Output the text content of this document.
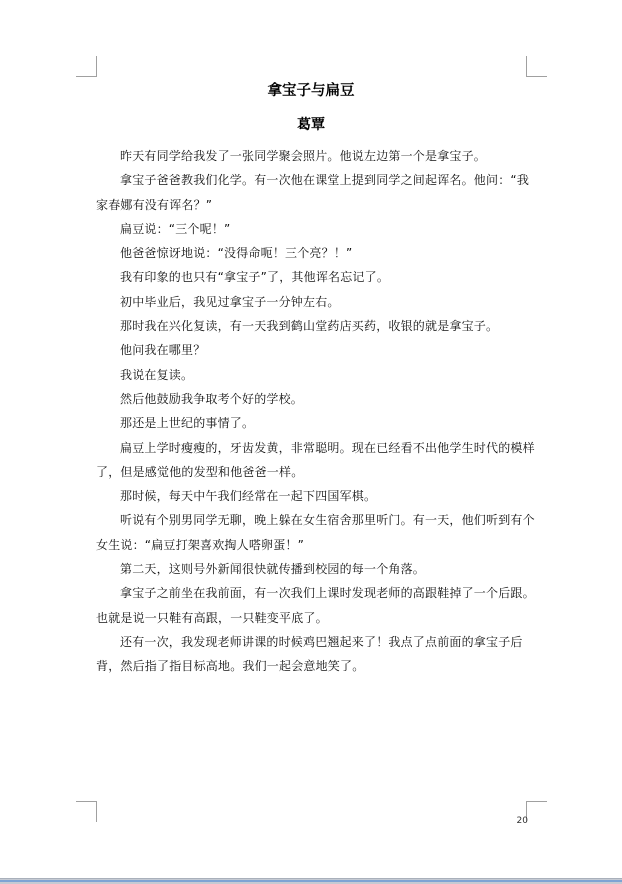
拿宝子与扁豆
葛覃

昨天有同学给我发了一张同学聚会照片。他说左边第一个是拿宝子。

拿宝子爸爸教我们化学。有一次他在课堂上提到同学之间起诨名。他问：“我家春娜有没有诨名？”

扁豆说：“三个呢！”

他爸爸惊讶地说：“没得命呃！三个亮？！”

我有印象的也只有“拿宝子”了，其他诨名忘记了。

初中毕业后，我见过拿宝子一分钟左右。

那时我在兴化复读，有一天我到鹤山堂药店买药，收银的就是拿宝子。

他问我在哪里？

我说在复读。

然后他鼓励我争取考个好的学校。

那还是上世纪的事情了。

扁豆上学时瘦瘦的，牙齿发黄，非常聪明。现在已经看不出他学生时代的模样了，但是感觉他的发型和他爸爸一样。

那时候，每天中午我们经常在一起下四国军棋。

听说有个别男同学无聊，晚上躲在女生宿舍那里听门。有一天，他们听到有个女生说：“扁豆打架喜欢掏人嗒卵蛋！”

第二天，这则号外新闻很快就传播到校园的每一个角落。

拿宝子之前坐在我前面，有一次我们上课时发现老师的高跟鞋掉了一个后跟。也就是说一只鞋有高跟，一只鞋变平底了。

还有一次，我发现老师讲课的时候鸡巴翘起来了！我点了点前面的拿宝子后背，然后指了指目标高地。我们一起会意地笑了。

20
